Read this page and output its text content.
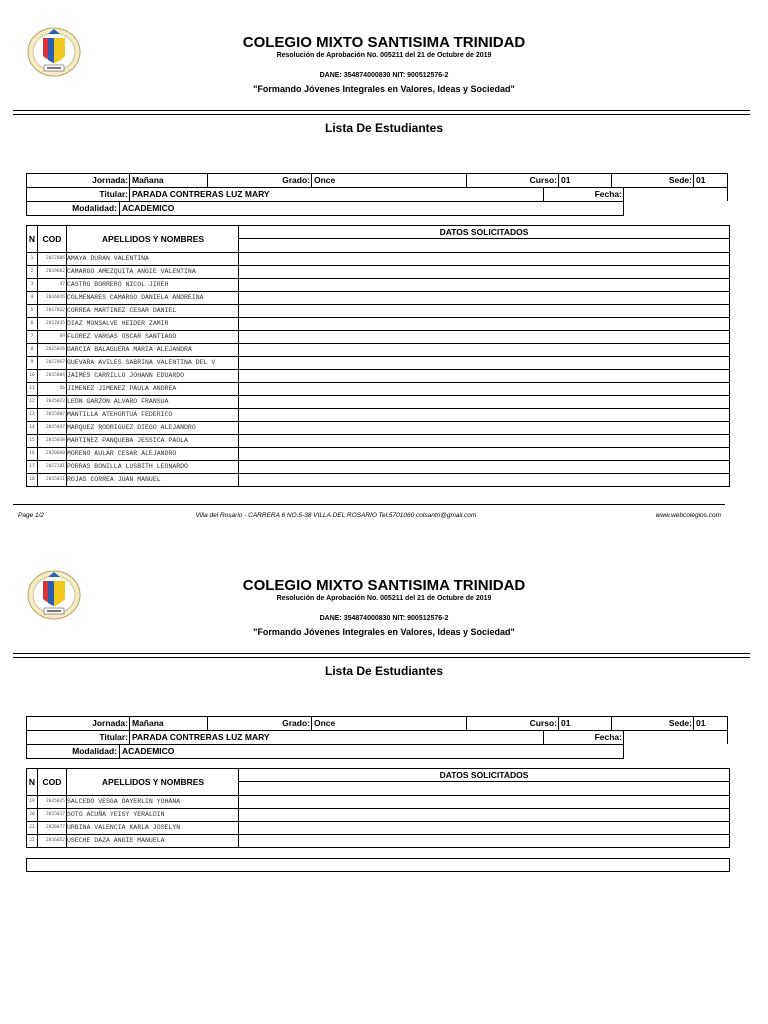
COLEGIO MIXTO SANTISIMA TRINIDAD
Resolución de Aprobación No. 005211 del 21 de Octubre de 2019
DANE: 354874000830 NIT: 900512576-2
"Formando Jóvenes Integrales en Valores, Ideas y Sociedad"
Lista De Estudiantes
Jornada: Mañana	Grado: Once	Curso: 01	Sede: 01
Titular: PARADA CONTRERAS LUZ MARY	Fecha:
Modalidad: ACADEMICO
N COD	APELLIDOS Y NOMBRES
DATOS SOLICITADOS
1	2017086 AMAYA DURAN VALENTINA
2	2019062 CAMARGO AMEZQUITA ANGIE VALENTINA
3	47 CASTRO BORRERO NICOL JIREH
4	2016026 COLMENARES CAMARGO DANIELA ANDREINA
5	2017022 CORREA MARTINEZ CESAR DANIEL
6	2017035 DIAZ MONSALVE HEIDER ZAMIR
7	69 FLOREZ VARGAS OSCAR SANTIAGO
8	2015026 GARCIA BALAGUERA MARIA ALEJANDRA
9	2017067 GUEVARA AVILES SABRINA VALENTINA DEL V
10	2015004 JAIMES CARRILLO JOHANN EDUARDO
11	56 JIMENEZ JIMENEZ PAULA ANDREA
12	2015023 LEON GARZON ALVARO FRANSUA
13	2015007 MANTILLA ATEHORTUA FEDERICO
14	2015047 MARQUEZ RODRIGUEZ DIEGO ALEJANDRO
15	2015038 MARTINEZ PANQUEBA JESSICA PAOLA
16	2020060 MORENO AULAR CESAR ALEJANDRO
17	2017101 PORRAS BONILLA LUSBITH LEONARDO
18	2015011 ROJAS CORREA JUAN MANUEL
Page 1/2	Villa del Rosario - CARRERA 6 NO.5-38 VILLA DEL ROSARIO Tel.5701060 colsantri@gmail.com	www.webcolegios.com
COLEGIO MIXTO SANTISIMA TRINIDAD
Resolución de Aprobación No. 005211 del 21 de Octubre de 2019
DANE: 354874000830 NIT: 900512576-2
"Formando Jóvenes Integrales en Valores, Ideas y Sociedad"
Lista De Estudiantes
Jornada: Mañana	Grado: Once	Curso: 01	Sede: 01
Titular: PARADA CONTRERAS LUZ MARY	Fecha:
Modalidad: ACADEMICO
N COD	APELLIDOS Y NOMBRES
DATOS SOLICITADOS
19	2015025 SALCEDO VESGA DAYERLIN YOHANA
20	2015017 SOTO ACUÑA YEISY YERALDIN
21	2020077 URBINA VALENCIA KARLA JOSELYN
22	2016052 USECHE DAZA ANGIE MANUELA
